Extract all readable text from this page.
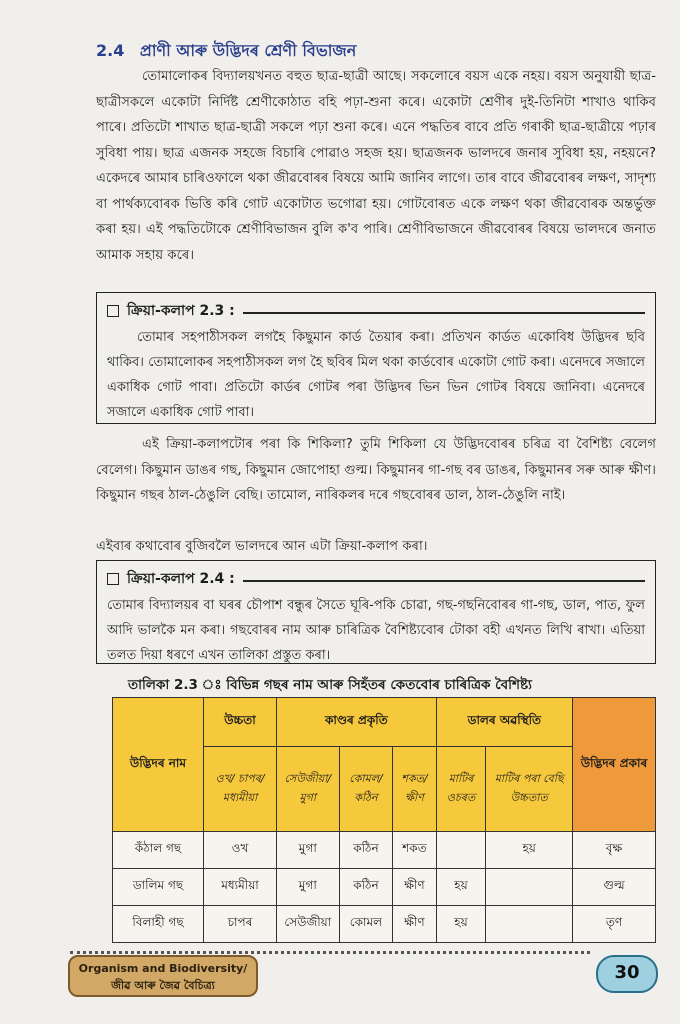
2.4 প্ৰাণী আৰু উদ্ভিদৰ শ্ৰেণী বিভাজন
তোমালোকৰ বিদ্যালয়খনত বহুত ছাত্ৰ-ছাত্ৰী আছে। সকলোৰে বয়স একে নহয়। বয়স অনুযায়ী ছাত্ৰ-ছাত্ৰীসকলে একোটা নিৰ্দিষ্ট শ্ৰেণীকোঠাত বহি পঢ়া-শুনা কৰে। একোটা শ্ৰেণীৰ দুই-তিনিটা শাখাও থাকিব পাৰে। প্ৰতিটো শাখাত ছাত্ৰ-ছাত্ৰী সকলে পঢ়া শুনা কৰে। এনে পদ্ধতিৰ বাবে প্ৰতি গৰাকী ছাত্ৰ-ছাত্ৰীয়ে পঢ়াৰ সুবিধা পায়। ছাত্ৰ এজনক সহজে বিচাৰি পোৱাও সহজ হয়। ছাত্ৰজনক ভালদৰে জনাৰ সুবিধা হয়, নহয়নে? একেদৰে আমাৰ চাৰিওফালে থকা জীৱবোৰৰ বিষয়ে আমি জানিব লাগে। তাৰ বাবে জীৱবোৰৰ লক্ষণ, সাদৃশ্য বা পাৰ্থক্যবোৰক ভিত্তি কৰি গোট একোটাত ভগোৱা হয়। গোটবোৰত একে লক্ষণ থকা জীৱবোৰক অন্তৰ্ভুক্ত কৰা হয়। এই পদ্ধতিটোকে শ্ৰেণীবিভাজন বুলি ক'ব পাৰি। শ্ৰেণীবিভাজনে জীৱবোৰৰ বিষয়ে ভালদৰে জনাত আমাক সহায় কৰে।
ক্ৰিয়া-কলাপ 2.3 :
তোমাৰ সহপাঠীসকল লগহৈ কিছুমান কাৰ্ড তৈয়াৰ কৰা। প্ৰতিখন কাৰ্ডত একোবিধ উদ্ভিদৰ ছবি থাকিব। তোমালোকৰ সহপাঠীসকল লগ হৈ ছবিৰ মিল থকা কাৰ্ডবোৰ একোটা গোট কৰা। এনেদৰে সজালে একাধিক গোট পাবা। প্ৰতিটো কাৰ্ডৰ গোটৰ পৰা উদ্ভিদৰ ভিন ভিন গোটৰ বিষয়ে জানিবা। এনেদৰে সজালে একাধিক গোট পাবা।
এই ক্ৰিয়া-কলাপটোৰ পৰা কি শিকিলা? তুমি শিকিলা যে উদ্ভিদবোৰৰ চৰিত্ৰ বা বৈশিষ্ট্য বেলেগ বেলেগ। কিছুমান ডাঙৰ গছ, কিছুমান জোপোহা গুল্ম। কিছুমানৰ গা-গছ বৰ ডাঙৰ, কিছুমানৰ সৰু আৰু ক্ষীণ। কিছুমান গছৰ ঠাল-ঠেঙুলি বেছি। তামোল, নাৰিকলৰ দৰে গছবোৰৰ ডাল, ঠাল-ঠেঙুলি নাই।
এইবাৰ কথাবোৰ বুজিবলৈ ভালদৰে আন এটা ক্ৰিয়া-কলাপ কৰা।
ক্ৰিয়া-কলাপ 2.4 :
তোমাৰ বিদ্যালয়ৰ বা ঘৰৰ চৌপাশ বন্ধুৰ সৈতে ঘূৰি-পকি চোৱা, গছ-গছনিবোৰৰ গা-গছ, ডাল, পাত, ফুল আদি ভালকৈ মন কৰা। গছবোৰৰ নাম আৰু চাৰিত্ৰিক বৈশিষ্ট্যবোৰ টোকা বহী এখনত লিখি ৰাখা। এতিয়া তলত দিয়া ধৰণে এখন তালিকা প্ৰস্তুত কৰা।
তালিকা 2.3 ঃ বিভিন্ন গছৰ নাম আৰু সিহঁতৰ কেতবোৰ চাৰিত্ৰিক বৈশিষ্ট্য
উদ্ভিদৰ নাম	উচ্চতা	কাণ্ডৰ প্ৰকৃতি			ডালৰ অৱস্থিতি		উদ্ভিদৰ প্ৰকাৰ
	ওখ/ চাপৰ/ মধ্যমীয়া	সেউজীয়া/ মুগা	কোমল/ কঠিন	শকত/ ক্ষীণ	মাটিৰ ওচৰত	মাটিৰ পৰা বেছি উচ্চতাত	
কঁঠাল গছ	ওখ	মুগা	কঠিন	শকত		হয়	বৃক্ষ
ডালিম গছ	মধ্যমীয়া	মুগা	কঠিন	ক্ষীণ	হয়		গুল্ম
বিলাহী গছ	চাপৰ	সেউজীয়া	কোমল	ক্ষীণ	হয়		তৃণ
Organism and Biodiversity/
জীৱ আৰু জৈৱ বৈচিত্ৰ্য
30
